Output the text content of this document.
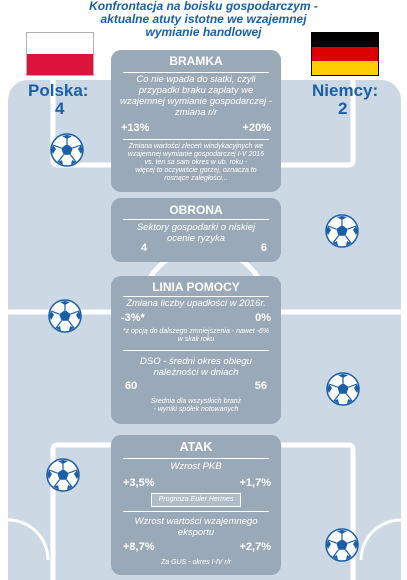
Konfrontacja na boisku gospodarczym -
aktualne atuty istotne we wzajemnej
wymianie handlowej
Polska:
4
Niemcy:
2
BRAMKA
Co nie wpada do siatki, czyli
przypadki braku zapłaty we
wzajemnej wymianie gospodarczej -
zmiana r/r
+13%	+20%
Zmiana wartości zleceń windykacyjnych we
wzajemnej wymianie gospodarczej I-V 2016
vs. ten sa sam okres w ub. roku -
więcej to oczywiście gorzej, oznacza to
rosnące zaległości...
OBRONA
Sektory gospodarki o niskiej
ocenie ryzyka
4	6
LINIA POMOCY
Zmiana liczby upadłości w 2016r.
-3%*	0%
*z opcją do dalszego zmniejszenia - nawet -6%
w skali roku
DSO - średni okres obiegu
należności w dniach
60	56
Średnia dla wszystkich branż
- wyniki spółek notowanych
ATAK
Wzrost PKB
+3,5%	+1,7%
Prognoza Euler Hermes
Wzrost wartości wzajemnego
eksportu
+8,7%	+2,7%
Za GUS - okres I-IV r/r
